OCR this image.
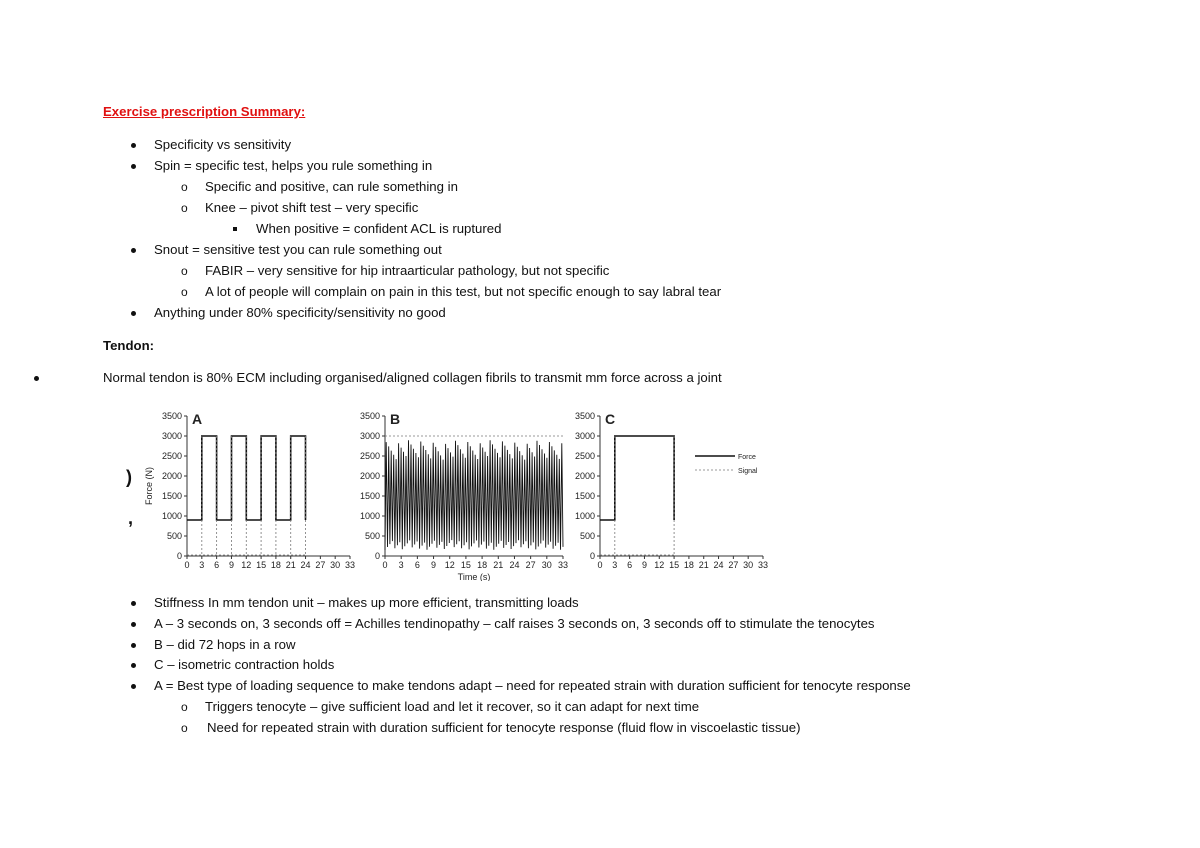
Exercise prescription Summary:
Specificity vs sensitivity
Spin = specific test, helps you rule something in
o Specific and positive, can rule something in
o Knee – pivot shift test – very specific
When positive = confident ACL is ruptured
Snout = sensitive test you can rule something out
o FABIR – very sensitive for hip intraarticular pathology, but not specific
o A lot of people will complain on pain in this test, but not specific enough to say labral tear
Anything under 80% specificity/sensitivity no good
Tendon:
Normal tendon is 80% ECM including organised/aligned collagen fibrils to transmit mm force across a joint
)
,
3500
3000
2500
2000
1500
1000
500
0
0 3 6 9 12 15 18 21 24 27 30 33
A	3500
3000
2500
2000
1500
1000
500
0
0 3 6 9 12 15 18 21 24 27 30 33
B	3500
3000
2500
2000
1500
1000
500
0
0 3 6 9 12 15 18 21 24 27 30 33
C
Force (N)
Time (s)
Force
Signal
Stiffness In mm tendon unit – makes up more efficient, transmitting loads
A – 3 seconds on, 3 seconds off = Achilles tendinopathy – calf raises 3 seconds on, 3 seconds off to stimulate the tenocytes
B – did 72 hops in a row
C – isometric contraction holds
A = Best type of loading sequence to make tendons adapt – need for repeated strain with duration sufficient for tenocyte response
o Triggers tenocyte – give sufficient load and let it recover, so it can adapt for next time
o Need for repeated strain with duration sufficient for tenocyte response (fluid flow in viscoelastic tissue)
